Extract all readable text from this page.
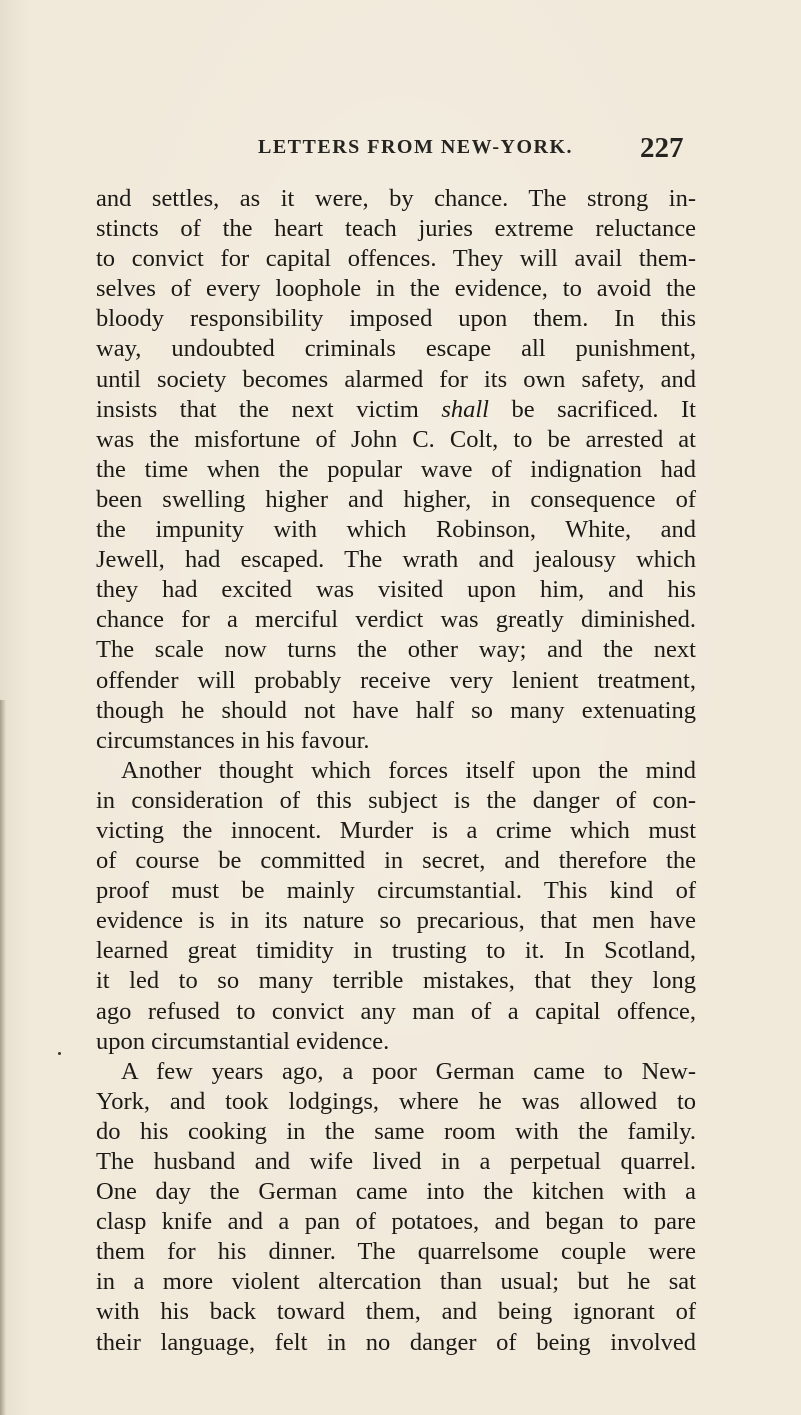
LETTERS FROM NEW-YORK. 227
and settles, as it were, by chance. The strong in-
stincts of the heart teach juries extreme reluctance
to convict for capital offences. They will avail them-
selves of every loophole in the evidence, to avoid the
bloody responsibility imposed upon them. In this
way, undoubted criminals escape all punishment,
until society becomes alarmed for its own safety, and
insists that the next victim shall be sacrificed. It
was the misfortune of John C. Colt, to be arrested at
the time when the popular wave of indignation had
been swelling higher and higher, in consequence of
the impunity with which Robinson, White, and
Jewell, had escaped. The wrath and jealousy which
they had excited was visited upon him, and his
chance for a merciful verdict was greatly diminished.
The scale now turns the other way; and the next
offender will probably receive very lenient treatment,
though he should not have half so many extenuating
circumstances in his favour.
Another thought which forces itself upon the mind
in consideration of this subject is the danger of con-
victing the innocent. Murder is a crime which must
of course be committed in secret, and therefore the
proof must be mainly circumstantial. This kind of
evidence is in its nature so precarious, that men have
learned great timidity in trusting to it. In Scotland,
it led to so many terrible mistakes, that they long
ago refused to convict any man of a capital offence,
upon circumstantial evidence.
A few years ago, a poor German came to New-
York, and took lodgings, where he was allowed to
do his cooking in the same room with the family.
The husband and wife lived in a perpetual quarrel.
One day the German came into the kitchen with a
clasp knife and a pan of potatoes, and began to pare
them for his dinner. The quarrelsome couple were
in a more violent altercation than usual; but he sat
with his back toward them, and being ignorant of
their language, felt in no danger of being involved
